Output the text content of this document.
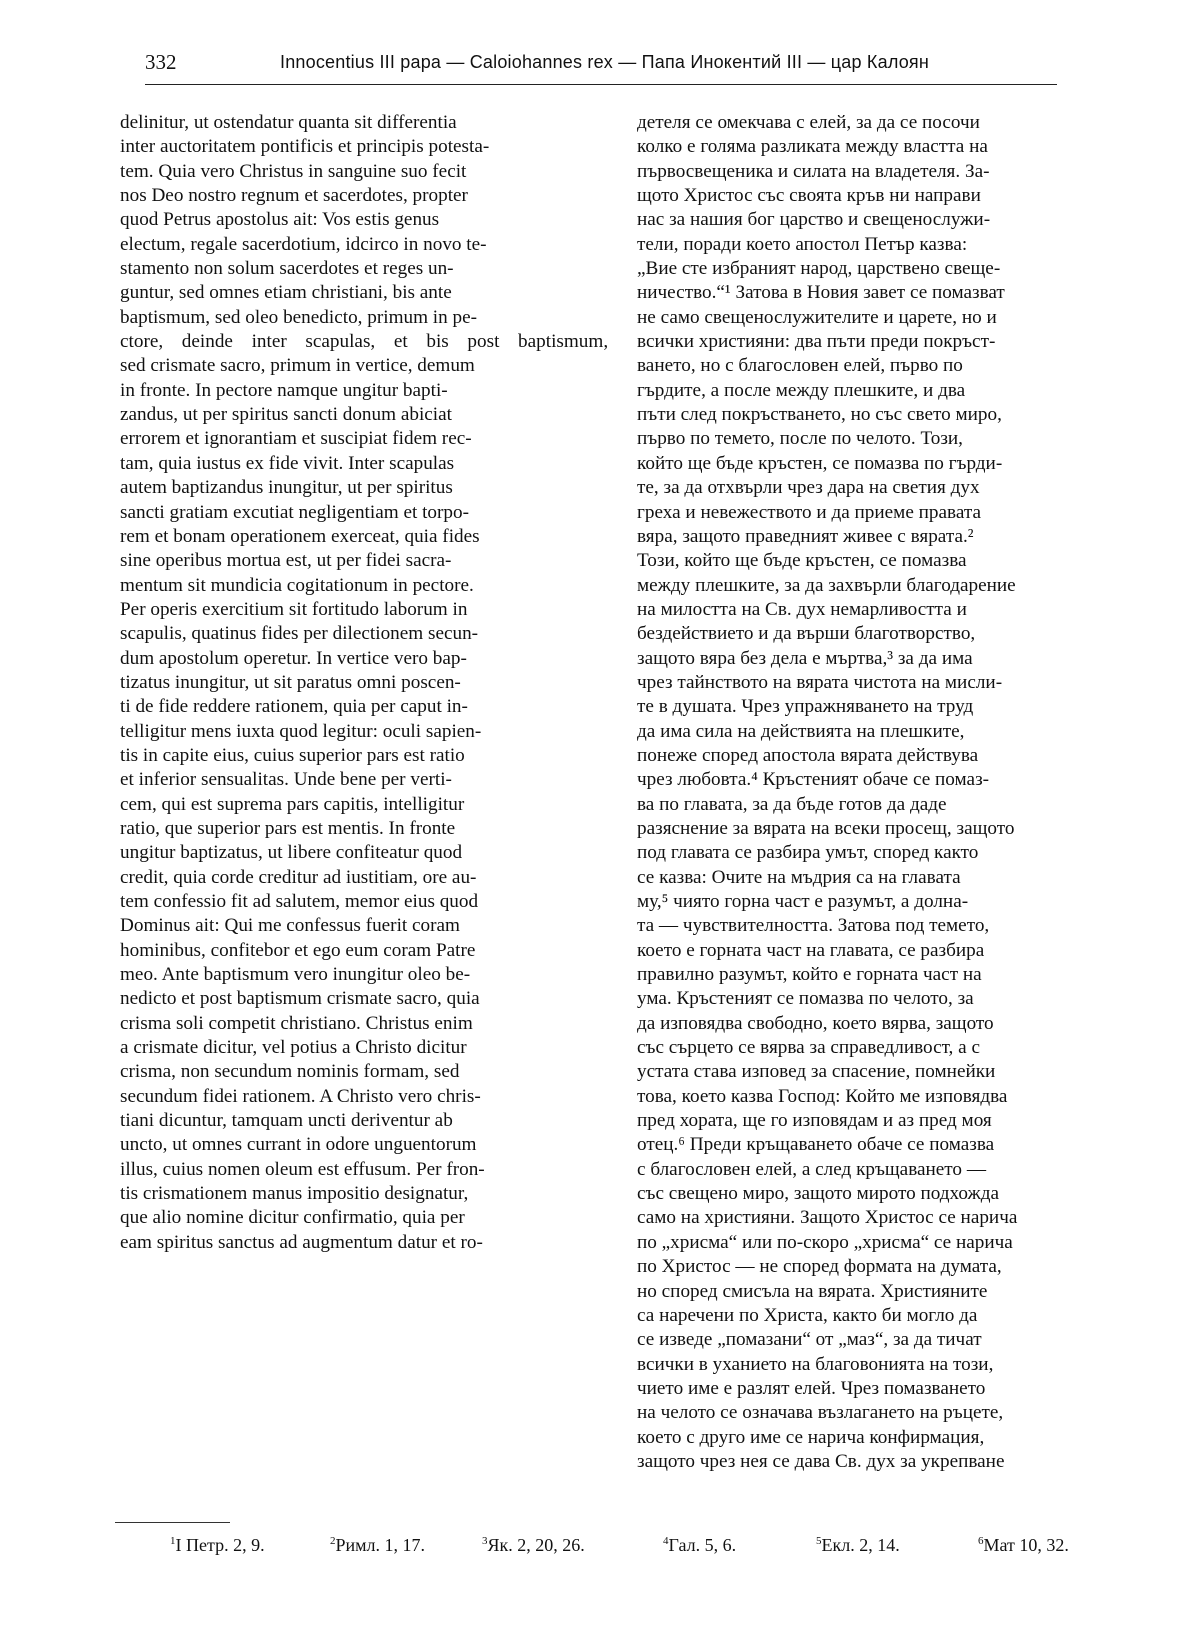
332	Innocentius III papa — Caloiohannes rex — Папа Инокентий III — цар Калоян
delinitur, ut ostendatur quanta sit differentia
inter auctoritatem pontificis et principis potesta-
tem. Quia vero Christus in sanguine suo fecit
nos Deo nostro regnum et sacerdotes, propter
quod Petrus apostolus ait: Vos estis genus
electum, regale sacerdotium, idcirco in novo te-
stamento non solum sacerdotes et reges un-
guntur, sed omnes etiam christiani, bis ante
baptismum, sed oleo benedicto, primum in pe-
ctore, deinde inter scapulas, et bis post baptismum,
sed crismate sacro, primum in vertice, demum
in fronte. In pectore namque ungitur bapti-
zandus, ut per spiritus sancti donum abiciat
errorem et ignorantiam et suscipiat fidem rec-
tam, quia iustus ex fide vivit. Inter scapulas
autem baptizandus inungitur, ut per spiritus
sancti gratiam excutiat negligentiam et torpo-
rem et bonam operationem exerceat, quia fides
sine operibus mortua est, ut per fidei sacra-
mentum sit mundicia cogitationum in pectore.
Per operis exercitium sit fortitudo laborum in
scapulis, quatinus fides per dilectionem secun-
dum apostolum operetur. In vertice vero bap-
tizatus inungitur, ut sit paratus omni poscen-
ti de fide reddere rationem, quia per caput in-
telligitur mens iuxta quod legitur: oculi sapien-
tis in capite eius, cuius superior pars est ratio
et inferior sensualitas. Unde bene per verti-
cem, qui est suprema pars capitis, intelligitur
ratio, que superior pars est mentis. In fronte
ungitur baptizatus, ut libere confiteatur quod
credit, quia corde creditur ad iustitiam, ore au-
tem confessio fit ad salutem, memor eius quod
Dominus ait: Qui me confessus fuerit coram
hominibus, confitebor et ego eum coram Patre
meo. Ante baptismum vero inungitur oleo be-
nedicto et post baptismum crismate sacro, quia
crisma soli competit christiano. Christus enim
a crismate dicitur, vel potius a Christo dicitur
crisma, non secundum nominis formam, sed
secundum fidei rationem. A Christo vero chris-
tiani dicuntur, tamquam uncti deriventur ab
uncto, ut omnes currant in odore unguentorum
illus, cuius nomen oleum est effusum. Per fron-
tis crismationem manus impositio designatur,
que alio nomine dicitur confirmatio, quia per
eam spiritus sanctus ad augmentum datur et ro-
детеля се омекчава с елей, за да се посочи
колко е голяма разликата между властта на
първосвещеника и силата на владетеля. За-
щото Христос със своята кръв ни направи
нас за нашия бог царство и свещенослужи-
тели, поради което апостол Петър казва:
„Вие сте избраният народ, царствено свеще-
ничество.“¹ Затова в Новия завет се помазват
не само свещенослужителите и царете, но и
всички християни: два пъти преди покръст-
ването, но с благословен елей, първо по
гърдите, а после между плешките, и два
пъти след покръстването, но със свето миро,
първо по темето, после по челото. Този,
който ще бъде кръстен, се помазва по гърди-
те, за да отхвърли чрез дара на светия дух
греха и невежеството и да приеме правата
вяра, защото праведният живее с вярата.²
Този, който ще бъде кръстен, се помазва
между плешките, за да захвърли благодарение
на милостта на Св. дух немарливостта и
бездействието и да върши благотворство,
защото вяра без дела е мъртва,³ за да има
чрез тайнството на вярата чистота на мисли-
те в душата. Чрез упражняването на труд
да има сила на действията на плешките,
понеже според апостола вярата действува
чрез любовта.⁴ Кръстеният обаче се помаз-
ва по главата, за да бъде готов да даде
разяснение за вярата на всеки просещ, защото
под главата се разбира умът, според както
се казва: Очите на мъдрия са на главата
му,⁵ чиято горна част е разумът, а долна-
та — чувствителността. Затова под темето,
което е горната част на главата, се разбира
правилно разумът, който е горната част на
ума. Кръстеният се помазва по челото, за
да изповядва свободно, което вярва, защото
със сърцето се вярва за справедливост, а с
устата става изповед за спасение, помнейки
това, което казва Господ: Който ме изповядва
пред хората, ще го изповядам и аз пред моя
отец.⁶ Преди кръщаването обаче се помазва
с благословен елей, а след кръщаването —
със свещено миро, защото мирото подхожда
само на християни. Защото Христос се нарича
по „хрисма“ или по-скоро „хрисма“ се нарича
по Христос — не според формата на думата,
но според смисъла на вярата. Християните
са наречени по Христа, както би могло да
се изведе „помазани“ от „маз“, за да тичат
всички в уханието на благовонията на този,
чието име е разлят елей. Чрез помазването
на челото се означава възлагането на ръцете,
което с друго име се нарича конфирмация,
защото чрез нея се дава Св. дух за укрепване
$^1$I Петр. 2, 9.	$^2$Римл. 1, 17.	$^3$Як. 2, 20, 26.	$^4$Гал. 5, 6.	$^5$Екл. 2, 14.	$^6$Мат 10, 32.
